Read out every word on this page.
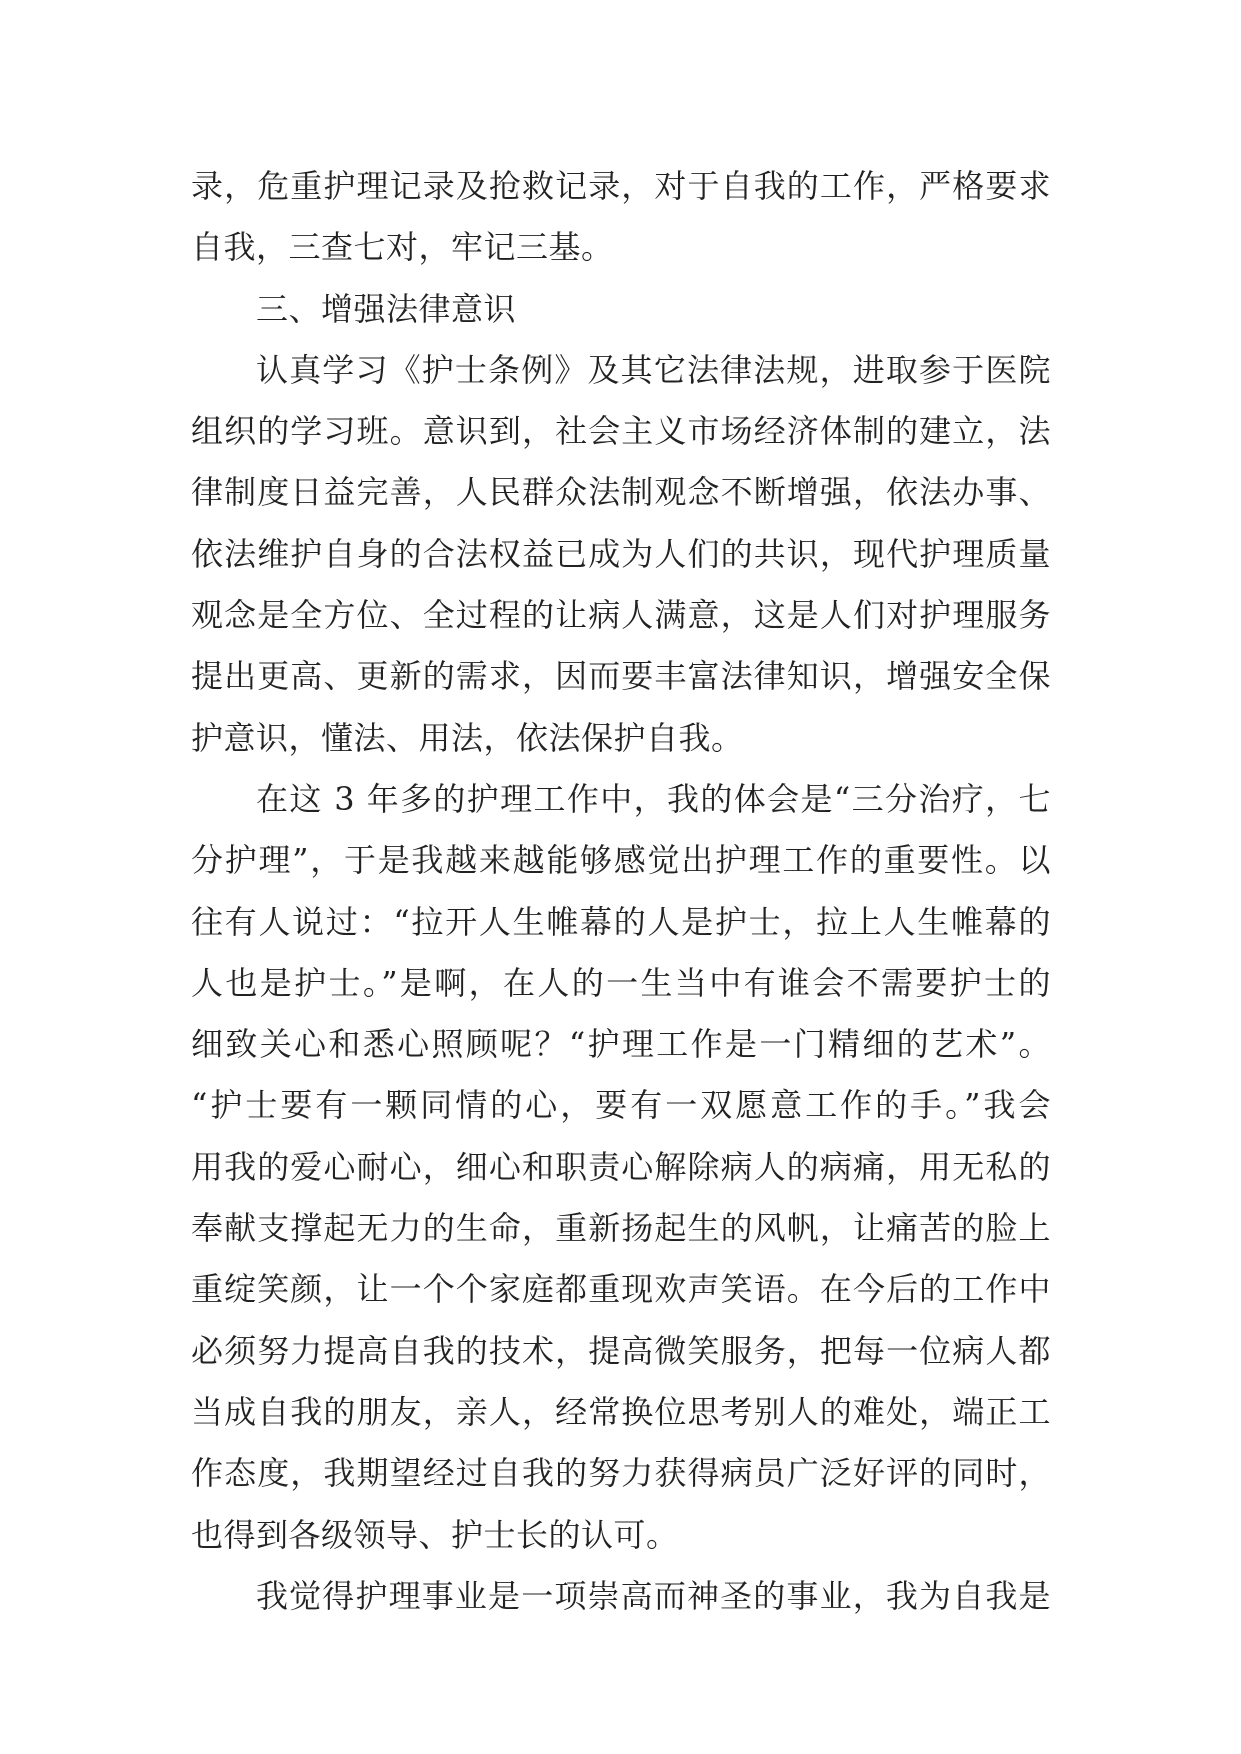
录，危重护理记录及抢救记录，对于自我的工作，严格要求
自我，三查七对，牢记三基。
三、增强法律意识
认真学习《护士条例》及其它法律法规，进取参于医院
组织的学习班。意识到，社会主义市场经济体制的建立，法
律制度日益完善，人民群众法制观念不断增强，依法办事、
依法维护自身的合法权益已成为人们的共识，现代护理质量
观念是全方位、全过程的让病人满意，这是人们对护理服务
提出更高、更新的需求，因而要丰富法律知识，增强安全保
护意识，懂法、用法，依法保护自我。
在这 3 年多的护理工作中，我的体会是“三分治疗，七
分护理”，于是我越来越能够感觉出护理工作的重要性。以
往有人说过：“拉开人生帷幕的人是护士，拉上人生帷幕的
人也是护士。”是啊，在人的一生当中有谁会不需要护士的
细致关心和悉心照顾呢？“护理工作是一门精细的艺术”。
“护士要有一颗同情的心，要有一双愿意工作的手。”我会
用我的爱心耐心，细心和职责心解除病人的病痛，用无私的
奉献支撑起无力的生命，重新扬起生的风帆，让痛苦的脸上
重绽笑颜，让一个个家庭都重现欢声笑语。在今后的工作中
必须努力提高自我的技术，提高微笑服务，把每一位病人都
当成自我的朋友，亲人，经常换位思考别人的难处，端正工
作态度，我期望经过自我的努力获得病员广泛好评的同时，
也得到各级领导、护士长的认可。
我觉得护理事业是一项崇高而神圣的事业，我为自我是
